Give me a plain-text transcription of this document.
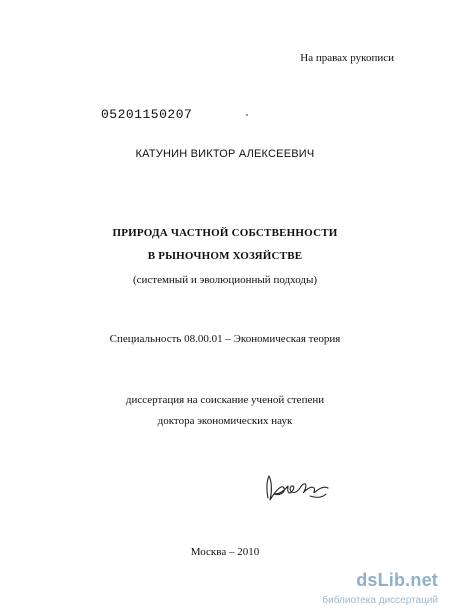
На правах рукописи
05201150207
КАТУНИН ВИКТОР АЛЕКСЕЕВИЧ
ПРИРОДА ЧАСТНОЙ СОБСТВЕННОСТИ
В РЫНОЧНОМ ХОЗЯЙСТВЕ
(системный и эволюционный подходы)
Специальность 08.00.01 – Экономическая теория
диссертация на соискание ученой степени
доктора экономических наук
Москва – 2010
dsLib.net
библиотека диссертаций
